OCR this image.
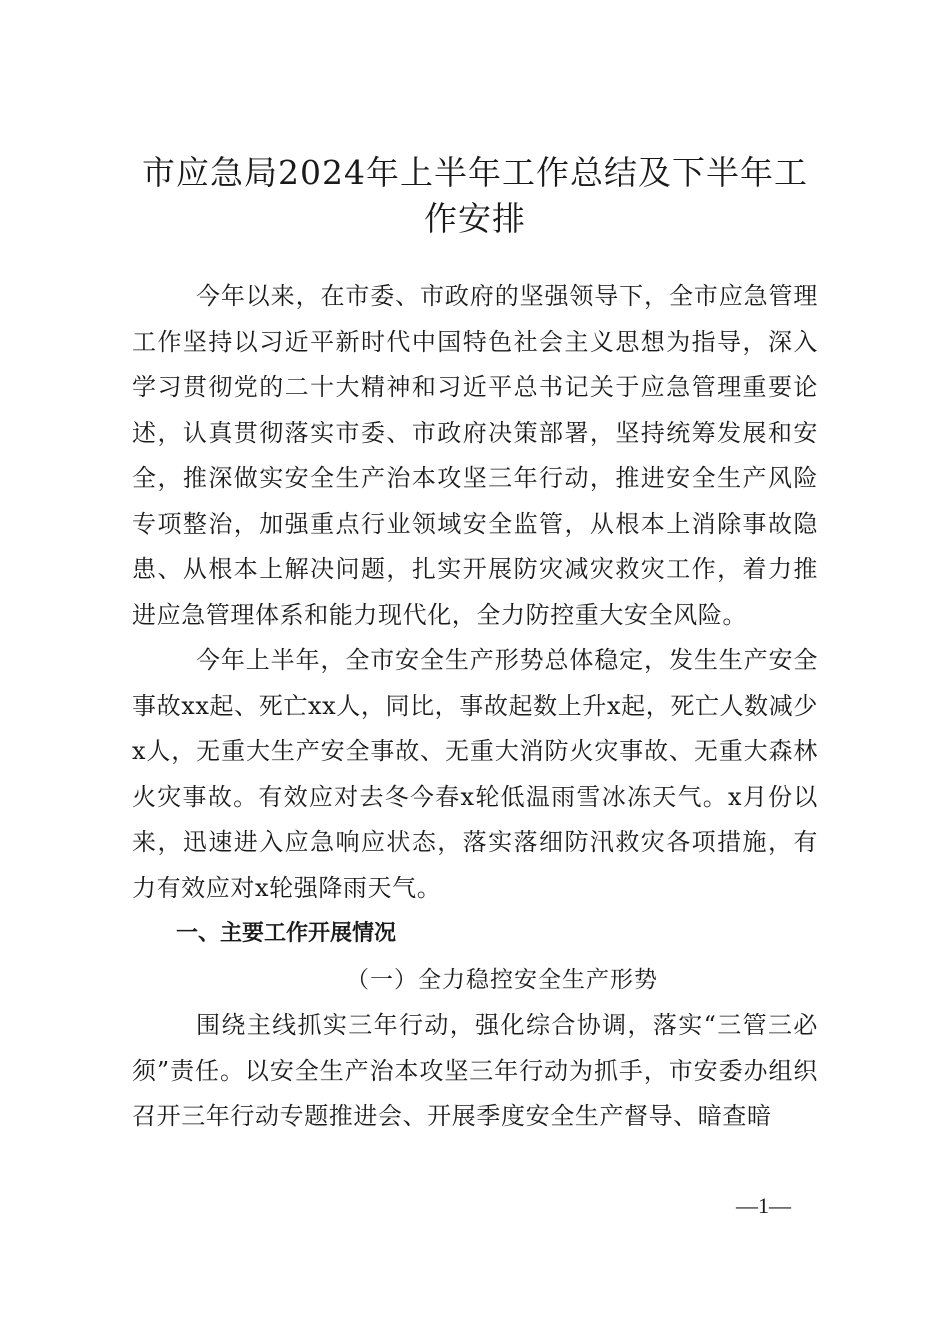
市应急局2024年上半年工作总结及下半年工作安排

今年以来，在市委、市政府的坚强领导下，全市应急管理工作坚持以习近平新时代中国特色社会主义思想为指导，深入学习贯彻党的二十大精神和习近平总书记关于应急管理重要论述，认真贯彻落实市委、市政府决策部署，坚持统筹发展和安全，推深做实安全生产治本攻坚三年行动，推进安全生产风险专项整治，加强重点行业领域安全监管，从根本上消除事故隐患、从根本上解决问题，扎实开展防灾减灾救灾工作，着力推进应急管理体系和能力现代化，全力防控重大安全风险。

今年上半年，全市安全生产形势总体稳定，发生生产安全事故xx起、死亡xx人，同比，事故起数上升x起，死亡人数减少x人，无重大生产安全事故、无重大消防火灾事故、无重大森林火灾事故。有效应对去冬今春x轮低温雨雪冰冻天气。x月份以来，迅速进入应急响应状态，落实落细防汛救灾各项措施，有力有效应对x轮强降雨天气。

一、主要工作开展情况

（一）全力稳控安全生产形势

围绕主线抓实三年行动，强化综合协调，落实“三管三必须”责任。以安全生产治本攻坚三年行动为抓手，市安委办组织召开三年行动专题推进会、开展季度安全生产督导、暗查暗

—1—
